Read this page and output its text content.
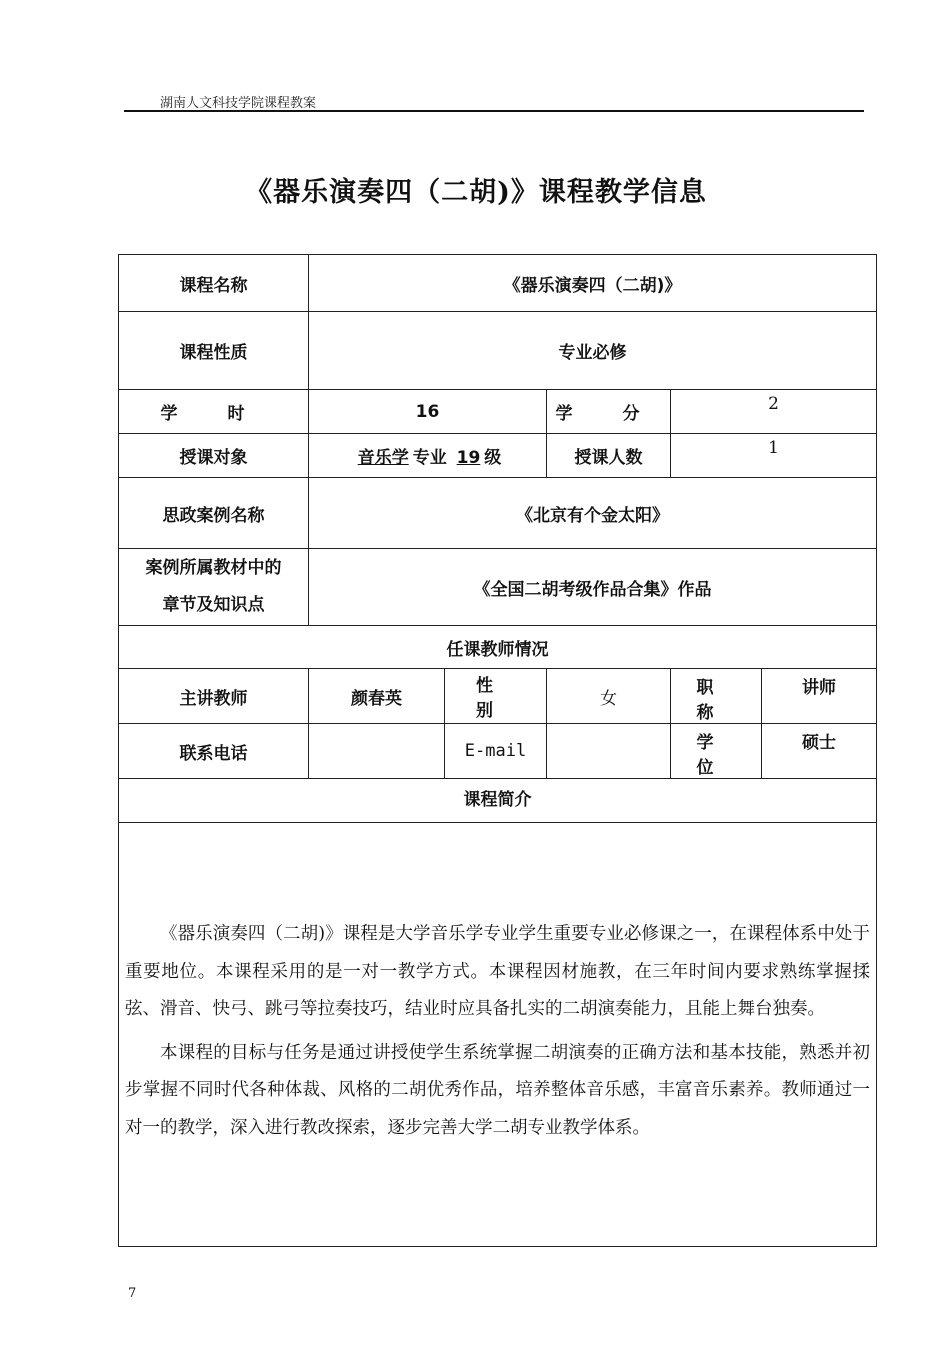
湖南人文科技学院课程教案
《器乐演奏四（二胡)》课程教学信息
课程名称	《器乐演奏四（二胡)》				
课程性质	专业必修				
学 时	16		学 分	2	
授课对象	音乐学 专业 19 级		授课人数	1	
思政案例名称	《北京有个金太阳》				

案例所属教材中的
章节及知识点	《全国二胡考级作品合集》作品				
任课教师情况					
主讲教师	颜春英	性 别	女	职 称	讲师
联系电话		E-mail		学 位	硕士
课程简介					

《器乐演奏四（二胡)》课程是大学音乐学专业学生重要专业必修课之一，在课程体系中处于重要地位。本课程采用的是一对一教学方式。本课程因材施教，在三年时间内要求熟练掌握揉弦、滑音、快弓、跳弓等拉奏技巧，结业时应具备扎实的二胡演奏能力，且能上舞台独奏。

本课程的目标与任务是通过讲授使学生系统掌握二胡演奏的正确方法和基本技能，熟悉并初步掌握不同时代各种体裁、风格的二胡优秀作品，培养整体音乐感，丰富音乐素养。教师通过一对一的教学，深入进行教改探索，逐步完善大学二胡专业教学体系。					

7
